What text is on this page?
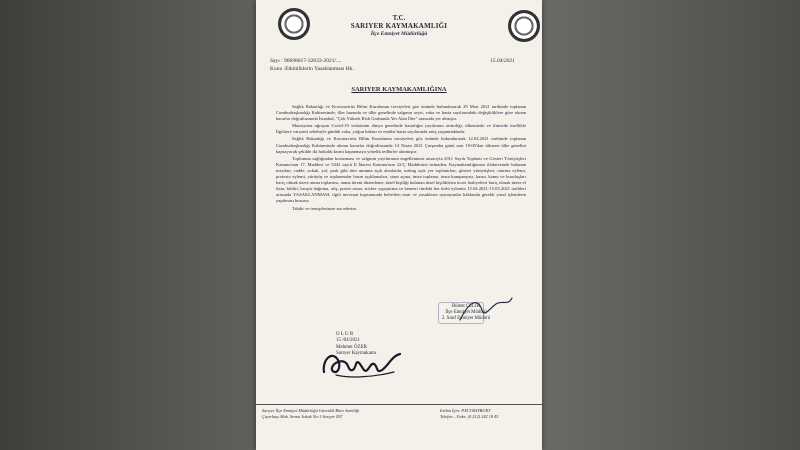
T.C.
SARIYER KAYMAKAMLIĞI
İlçe Emniyet Müdürlüğü
Sayı : 96698617-32033-2021/....
Konu :Etkinliklerin Yasaklanması Hk.
15.04/2021
SARIYER KAYMAKAMLIĞINA

Sağlık Bakanlığı ve Koronavirüs Bilim Kurulunun tavsiyeleri göz önünde bulundurarak 29 Mart 2021 tarihinde toplanan Cumhurbaşkanlığı Kabinesinde; iller bazında ve ülke genelinde salgının seyri, vaka ve hasta sayılarındaki değişikliklere göre alınan kararlar doğrultusunda İstanbul, "Çok Yüksek Risk Grubunda Yer Alan İller" arasında yer almıştır.

Mutasyona uğrayan Covid-19 virüsünün dünya genelinde hastalığın yayılımını arttırdığı, ülkemizde ve ilimizde özellikle İlgiliiere varyanti sebebiyle günlük vaka, yoğun bakım ve entübe hasta sayılarında artış yaşanmaktadır.

Sağlık Bakanlığı ve Koronavirüs Bilim Kurulunun tavsiyeleri göz önünde bulundurarak 12.04.2021 tarihinde toplanan Cumhurbaşkanlığı Kabinesinde alınan kararlar doğrultusunda 14 Nisan 2021 Çarşamba günü saat 19:00'dan itibaren ülke genelini kapsayacak şekilde iki haftalık kısmi kapanmaya yönelik tedbirler alınmıştır.

Toplumun sağlığından korunması ve salgının yayılımının engellenmesi amacıyla 2911 Sayılı Toplantı ve Gösteri Yürüyüşleri Kanunu'nun 17. Maddesi ve 5442 sayılı İl İdaresi Kanunu'nun 32/Ç Maddesine istinaden; Kaymakamlığımıza ilüdaresinde bulunan meydan, cadde, sokak, yol, park gibi tüm umuma açık alanlarda, miting açık yer toplantıları, gösteri yürüyüşleri, oturma eylemi, protesto eylemi, yürüyüş ve toplanmalar basın açıklamaları, stant açma, imza toplama, imza kampanyası, basın, kamu ve kuruluşları hariç olmak üzere anma toplantısı, anma töreni düzenleme, tüzel kişiliği bulunan tüzel kişiliklerin ticari faaliyetleri hariç olmak üzere el ilanı, bildiri, broşür dağıtma, afiş, poster asma, sticker yapıştırma ve benzeri türdeki her türlü eylemin 15.04.2021-15.05.2021 tarihleri arasında YASAKLANMASI, ilgili mevzuat kapsamında belirtilen emir ve yasakların uymayanlar hakkında gerekli yasal işlemlerin yapılması hususu;

Takdir ve tensiplerinize arz ederim.

Bülent ÇELİK
İlçe Emniyet Müdürü
2. Sınıf Emniyet Müdürü
O L U R
15 /04/2021
Mehmet ÖZER
Sarıyer Kaymakamı
Sarıyer İlçe Emniyet Müdürlüğü Güvenlik Büro Amirliği
Çayırbaşı Mah. Sırma Sokak No:1 Sarıyer İST
İrtibat İçin: P.M.T.BAYBURT
Telefon – Faks: (0 212) 242 18 45
